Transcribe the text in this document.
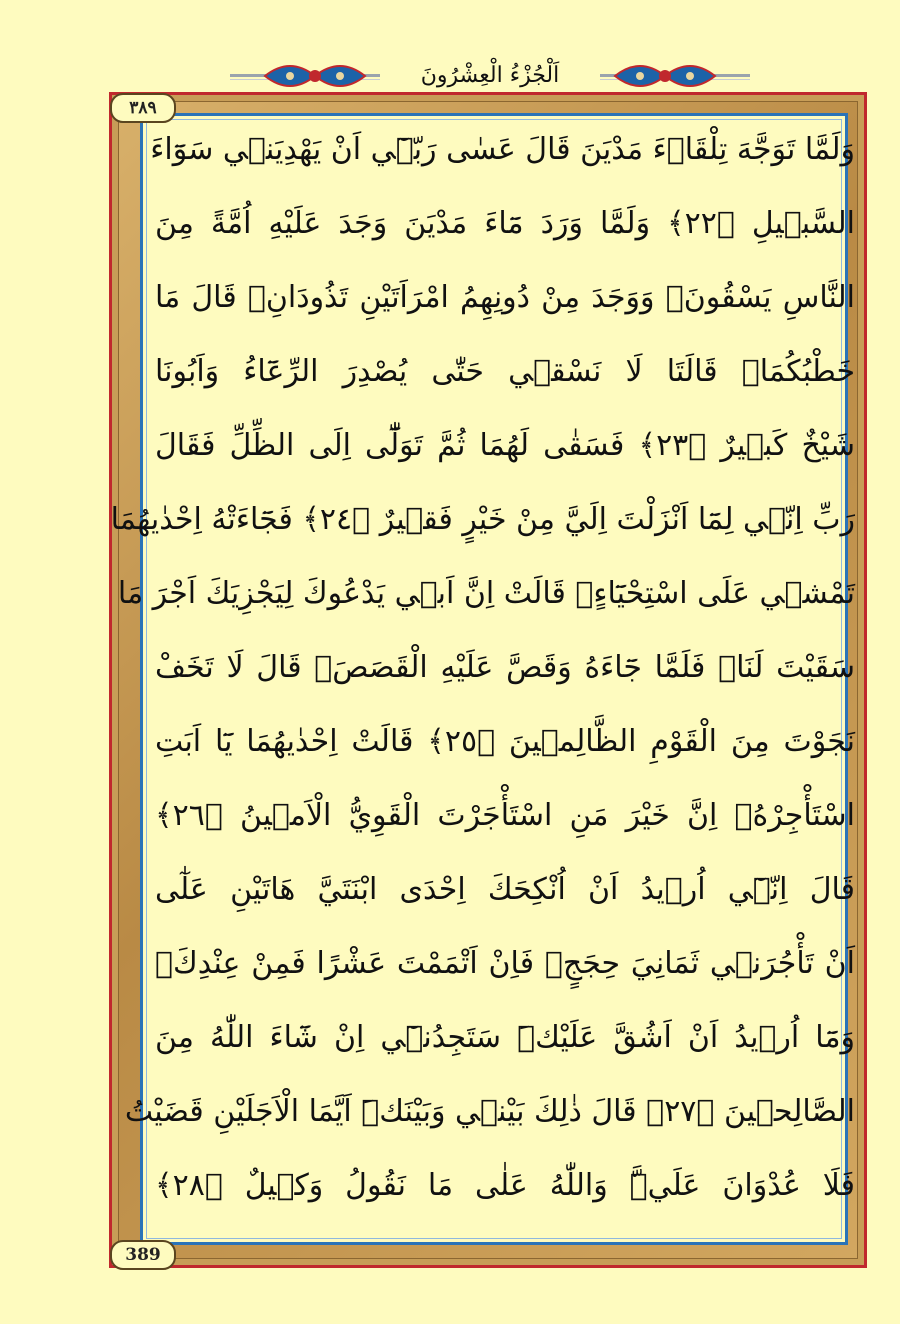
اَلْجُزْءُ الْعِشْرُونَ
٣٨٩
389
وَلَمَّا تَوَجَّهَ تِلْقَاۤءَ مَدْيَنَ قَالَ عَسٰى رَبّ۪ٓي اَنْ يَهْدِيَن۪ي سَوَٓاءَ
السَّب۪يلِ ﴿٢٢﴾ وَلَمَّا وَرَدَ مَٓاءَ مَدْيَنَ وَجَدَ عَلَيْهِ اُمَّةً مِنَ
النَّاسِ يَسْقُونَۘ وَوَجَدَ مِنْ دُونِهِمُ امْرَاَتَيْنِ تَذُودَانِۚ قَالَ مَا
خَطْبُكُمَاۜ قَالَتَا لَا نَسْق۪ي حَتّٰى يُصْدِرَ الرِّعَٓاءُ وَاَبُونَا
شَيْخٌ كَب۪يرٌ ﴿٢٣﴾ فَسَقٰى لَهُمَا ثُمَّ تَوَلّٰٓى اِلَى الظِّلِّ فَقَالَ
رَبِّ اِنّ۪ي لِمَٓا اَنْزَلْتَ اِلَيَّ مِنْ خَيْرٍ فَق۪يرٌ ﴿٢٤﴾ فَجَٓاءَتْهُ اِحْدٰيهُمَا
تَمْش۪ي عَلَى اسْتِحْيَٓاءٍۘ قَالَتْ اِنَّ اَب۪ي يَدْعُوكَ لِيَجْزِيَكَ اَجْرَ مَا
سَقَيْتَ لَنَاۜ فَلَمَّا جَٓاءَهُ وَقَصَّ عَلَيْهِ الْقَصَصَۙ قَالَ لَا تَخَفْ
نَجَوْتَ مِنَ الْقَوْمِ الظَّالِم۪ينَ ﴿٢٥﴾ قَالَتْ اِحْدٰيهُمَا يَٓا اَبَتِ
اسْتَأْجِرْهُۘ اِنَّ خَيْرَ مَنِ اسْتَأْجَرْتَ الْقَوِيُّ الْاَم۪ينُ ﴿٢٦﴾
قَالَ اِنّ۪ٓي اُر۪يدُ اَنْ اُنْكِحَكَ اِحْدَى ابْنَتَيَّ هَاتَيْنِ عَلٰٓى
اَنْ تَأْجُرَن۪ي ثَمَانِيَ حِجَجٍۚ فَاِنْ اَتْمَمْتَ عَشْرًا فَمِنْ عِنْدِكَۚ
وَمَٓا اُر۪يدُ اَنْ اَشُقَّ عَلَيْكَۜ سَتَجِدُن۪ٓي اِنْ شَٓاءَ اللّٰهُ مِنَ
الصَّالِح۪ينَ ﴿٢٧﴾ قَالَ ذٰلِكَ بَيْن۪ي وَبَيْنَكَۜ اَيَّمَا الْاَجَلَيْنِ قَضَيْتُ
فَلَا عُدْوَانَ عَلَيَّۜ وَاللّٰهُ عَلٰى مَا نَقُولُ وَك۪يلٌ ﴿٢٨﴾
